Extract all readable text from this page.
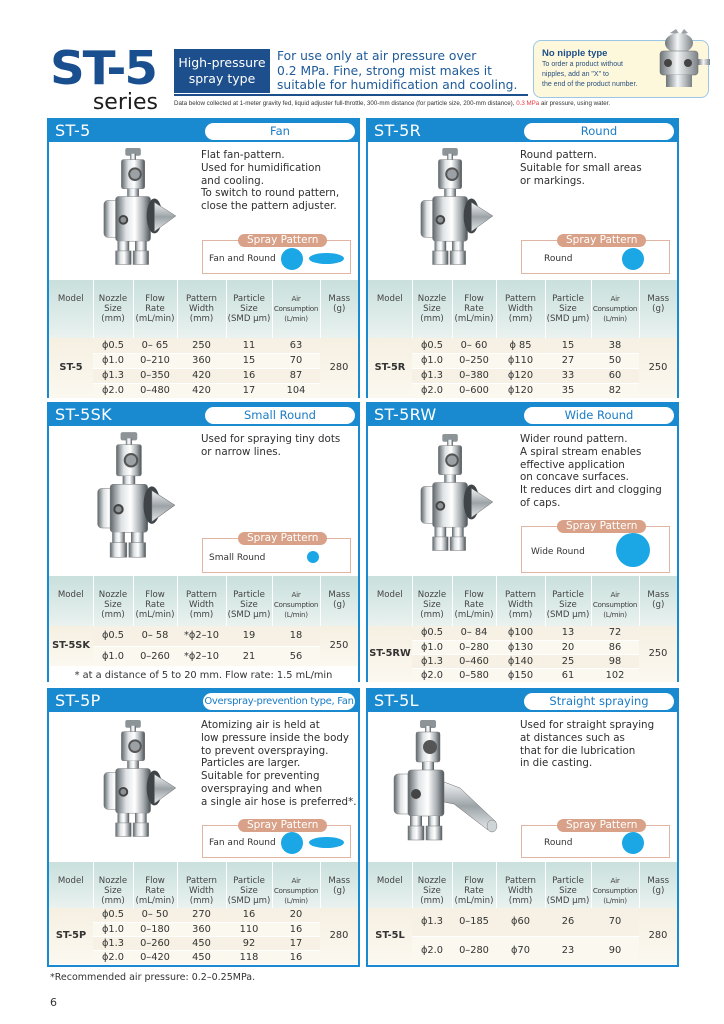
ST-5
series
High-pressure
spray type
For use only at air pressure over
0.2 MPa. Fine, strong mist makes it
suitable for humidification and cooling.
No nipple type
To order a product without
nipples, add an "X" to
the end of the product number.
Data below collected at 1-meter gravity fed, liquid adjuster full-throttle, 300-mm distance (for particle size, 200-mm distance), 0.3 MPa air pressure, using water.
ST-5	Fan
Flat fan-pattern.
Used for humidification
and cooling.
To switch to round pattern,
close the pattern adjuster.
Spray Pattern
Fan and Round
Model	Nozzle
Size
(mm)	Flow
Rate
(mL/min)	Pattern
Width
(mm)	Particle
Size
(SMD μm)	Air
Consumption
(L/min)	Mass
(g)
ST-5	ϕ0.5	0– 65	250	11	63	280
	ϕ1.0	0–210	360	15	70	
	ϕ1.3	0–350	420	16	87	
	ϕ2.0	0–480	420	17	104	
ST-5R	Round
Round pattern.
Suitable for small areas
or markings.
Spray Pattern
Round
Model	Nozzle
Size
(mm)	Flow
Rate
(mL/min)	Pattern
Width
(mm)	Particle
Size
(SMD μm)	Air
Consumption
(L/min)	Mass
(g)
ST-5R	ϕ0.5	0– 60	ϕ 85	15	38	250
	ϕ1.0	0–250	ϕ110	27	50	
	ϕ1.3	0–380	ϕ120	33	60	
	ϕ2.0	0–600	ϕ120	35	82	
ST-5SK	Small Round
Used for spraying tiny dots
or narrow lines.
Spray Pattern
Small Round
Model	Nozzle
Size
(mm)	Flow
Rate
(mL/min)	Pattern
Width
(mm)	Particle
Size
(SMD μm)	Air
Consumption
(L/min)	Mass
(g)
ST-5SK	ϕ0.5	0– 58	*ϕ2–10	19	18	250
	ϕ1.0	0–260	*ϕ2–10	21	56	
* at a distance of 5 to 20 mm. Flow rate: 1.5 mL/min						
ST-5RW	Wide Round
Wider round pattern.
A spiral stream enables
effective application
on concave surfaces.
It reduces dirt and clogging
of caps.
Spray Pattern
Wide Round
Model	Nozzle
Size
(mm)	Flow
Rate
(mL/min)	Pattern
Width
(mm)	Particle
Size
(SMD μm)	Air
Consumption
(L/min)	Mass
(g)
ST-5RW	ϕ0.5	0– 84	ϕ100	13	72	250
	ϕ1.0	0–280	ϕ130	20	86	
	ϕ1.3	0–460	ϕ140	25	98	
	ϕ2.0	0–580	ϕ150	61	102	
ST-5P	Overspray-prevention type, Fan
Atomizing air is held at
low pressure inside the body
to prevent overspraying.
Particles are larger.
Suitable for preventing
overspraying and when
a single air hose is preferred*.
Spray Pattern
Fan and Round
Model	Nozzle
Size
(mm)	Flow
Rate
(mL/min)	Pattern
Width
(mm)	Particle
Size
(SMD μm)	Air
Consumption
(L/min)	Mass
(g)
ST-5P	ϕ0.5	0– 50	270	16	20	280
	ϕ1.0	0–180	360	110	16	
	ϕ1.3	0–260	450	92	17	
	ϕ2.0	0–420	450	118	16	
ST-5L	Straight spraying
Used for straight spraying
at distances such as
that for die lubrication
in die casting.
Spray Pattern
Round
Model	Nozzle
Size
(mm)	Flow
Rate
(mL/min)	Pattern
Width
(mm)	Particle
Size
(SMD μm)	Air
Consumption
(L/min)	Mass
(g)
ST-5L	ϕ1.3	0–185	ϕ60	26	70	280
	ϕ2.0	0–280	ϕ70	23	90	
*Recommended air pressure: 0.2–0.25MPa.
6
